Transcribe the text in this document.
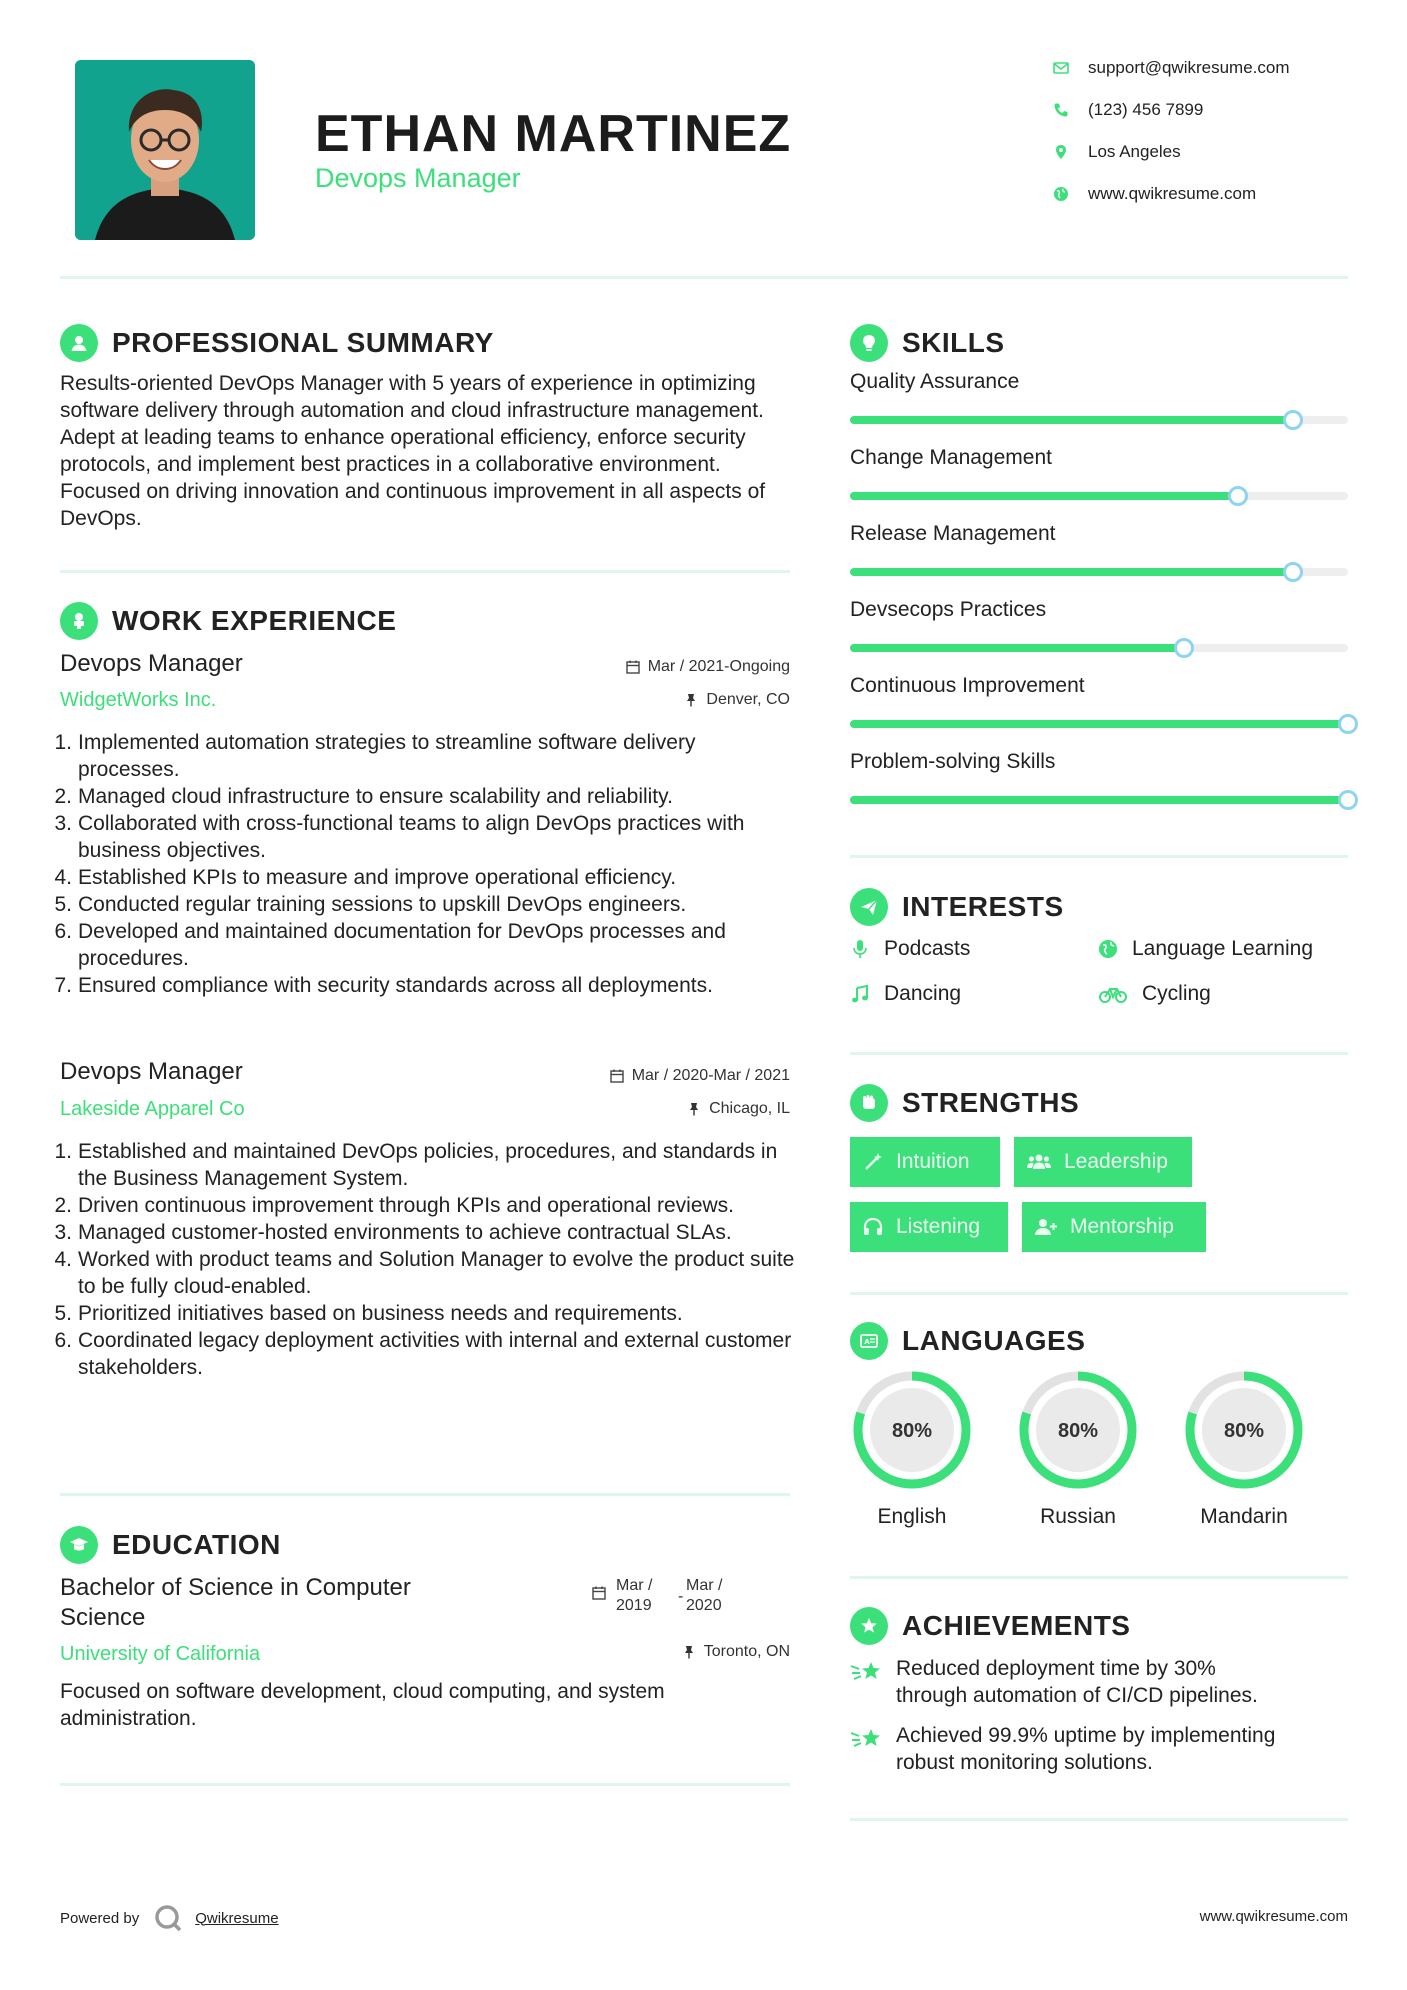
ETHAN MARTINEZ
Devops Manager
support@qwikresume.com
(123) 456 7899
Los Angeles
www.qwikresume.com
PROFESSIONAL SUMMARY
Results-oriented DevOps Manager with 5 years of experience in optimizing software delivery through automation and cloud infrastructure management. Adept at leading teams to enhance operational efficiency, enforce security protocols, and implement best practices in a collaborative environment. Focused on driving innovation and continuous improvement in all aspects of DevOps.
WORK EXPERIENCE
Devops Manager
WidgetWorks Inc.
Mar / 2021-Ongoing
Denver, CO
1. Implemented automation strategies to streamline software delivery processes.
2. Managed cloud infrastructure to ensure scalability and reliability.
3. Collaborated with cross-functional teams to align DevOps practices with business objectives.
4. Established KPIs to measure and improve operational efficiency.
5. Conducted regular training sessions to upskill DevOps engineers.
6. Developed and maintained documentation for DevOps processes and procedures.
7. Ensured compliance with security standards across all deployments.
Devops Manager
Lakeside Apparel Co
Mar / 2020-Mar / 2021
Chicago, IL
1. Established and maintained DevOps policies, procedures, and standards in the Business Management System.
2. Driven continuous improvement through KPIs and operational reviews.
3. Managed customer-hosted environments to achieve contractual SLAs.
4. Worked with product teams and Solution Manager to evolve the product suite to be fully cloud-enabled.
5. Prioritized initiatives based on business needs and requirements.
6. Coordinated legacy deployment activities with internal and external customer stakeholders.
EDUCATION
Bachelor of Science in Computer
Science
Mar /
2019
-
Mar /
2020
University of California	Toronto, ON
Focused on software development, cloud computing, and system administration.
SKILLS
Quality Assurance
Change Management
Release Management
Devsecops Practices
Continuous Improvement
Problem-solving Skills
INTERESTS
Podcasts	Language Learning
Dancing	Cycling
STRENGTHS
Intuition	Leadership
Listening	Mentorship
A LANGUAGES
80%
English
80%
Russian
80%
Mandarin
ACHIEVEMENTS
Reduced deployment time by 30%
through automation of CI/CD pipelines.
Achieved 99.9% uptime by implementing
robust monitoring solutions.
Powered by	Qwikresume	www.qwikresume.com
